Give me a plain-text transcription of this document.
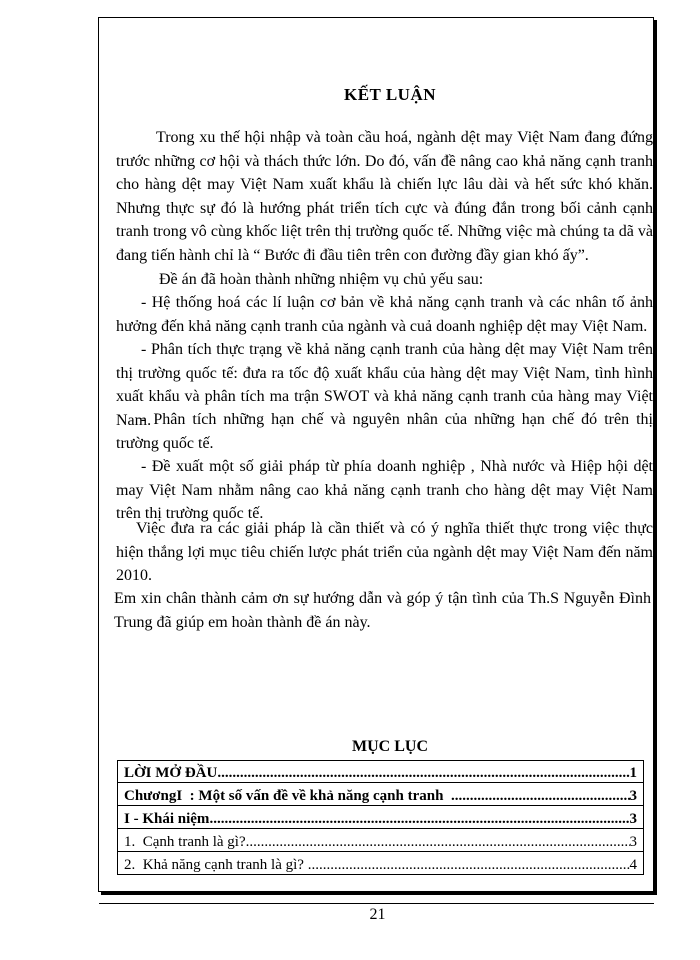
KẾT LUẬN

Trong xu thế hội nhập và toàn cầu hoá, ngành dệt may Việt Nam đang đứng trước những cơ hội và thách thức lớn. Do đó, vấn đề nâng cao khả năng cạnh tranh cho hàng dệt may Việt Nam xuất khẩu là chiến lực lâu dài và hết sức khó khăn. Nhưng thực sự đó là hướng phát triển tích cực và đúng đắn trong bối cảnh cạnh tranh trong vô cùng khốc liệt trên thị trường quốc tế. Những việc mà chúng ta dã và đang tiến hành chỉ là “ Bước đi đầu tiên trên con đường đầy gian khó ấy”.

Đề án đã hoàn thành những nhiệm vụ chủ yếu sau:

- Hệ thống hoá các lí luận cơ bản về khả năng cạnh tranh và các nhân tố ảnh hưởng đến khả năng cạnh tranh của ngành và cuả doanh nghiệp dệt may Việt Nam.

- Phân tích thực trạng về khả năng cạnh tranh của hàng dệt may Việt Nam trên thị trường quốc tế: đưa ra tốc độ xuất khẩu của hàng dệt may Việt Nam, tình hình xuất khẩu và phân tích ma trận SWOT và khả năng cạnh tranh của hàng may Việt Nam.

- Phân tích những hạn chế và nguyên nhân của những hạn chế đó trên thị trường quốc tế.

- Đề xuất một số giải pháp từ phía doanh nghiệp , Nhà nước và Hiệp hội dệt may Việt Nam nhằm nâng cao khả năng cạnh tranh cho hàng dệt may Việt Nam trên thị trường quốc tế.

Việc đưa ra các giải pháp là cần thiết và có ý nghĩa thiết thực trong việc thực hiện thắng lợi mục tiêu chiến lược phát triển của ngành dệt may Việt Nam đến năm 2010.

Em xin chân thành cảm ơn sự hướng dẫn và góp ý tận tình của Th.S Nguyễn Đình Trung đã giúp em hoàn thành đề án này.

MỤC LỤC
LỜI MỞ ĐẦU .....	1
ChươngI  : Một số vấn đề về khả năng cạnh tranh .....	3
I - Khái niệm .....	3
1.  Cạnh tranh là gì? .....	3
2.  Khả năng cạnh tranh là gì? .....	4
21
